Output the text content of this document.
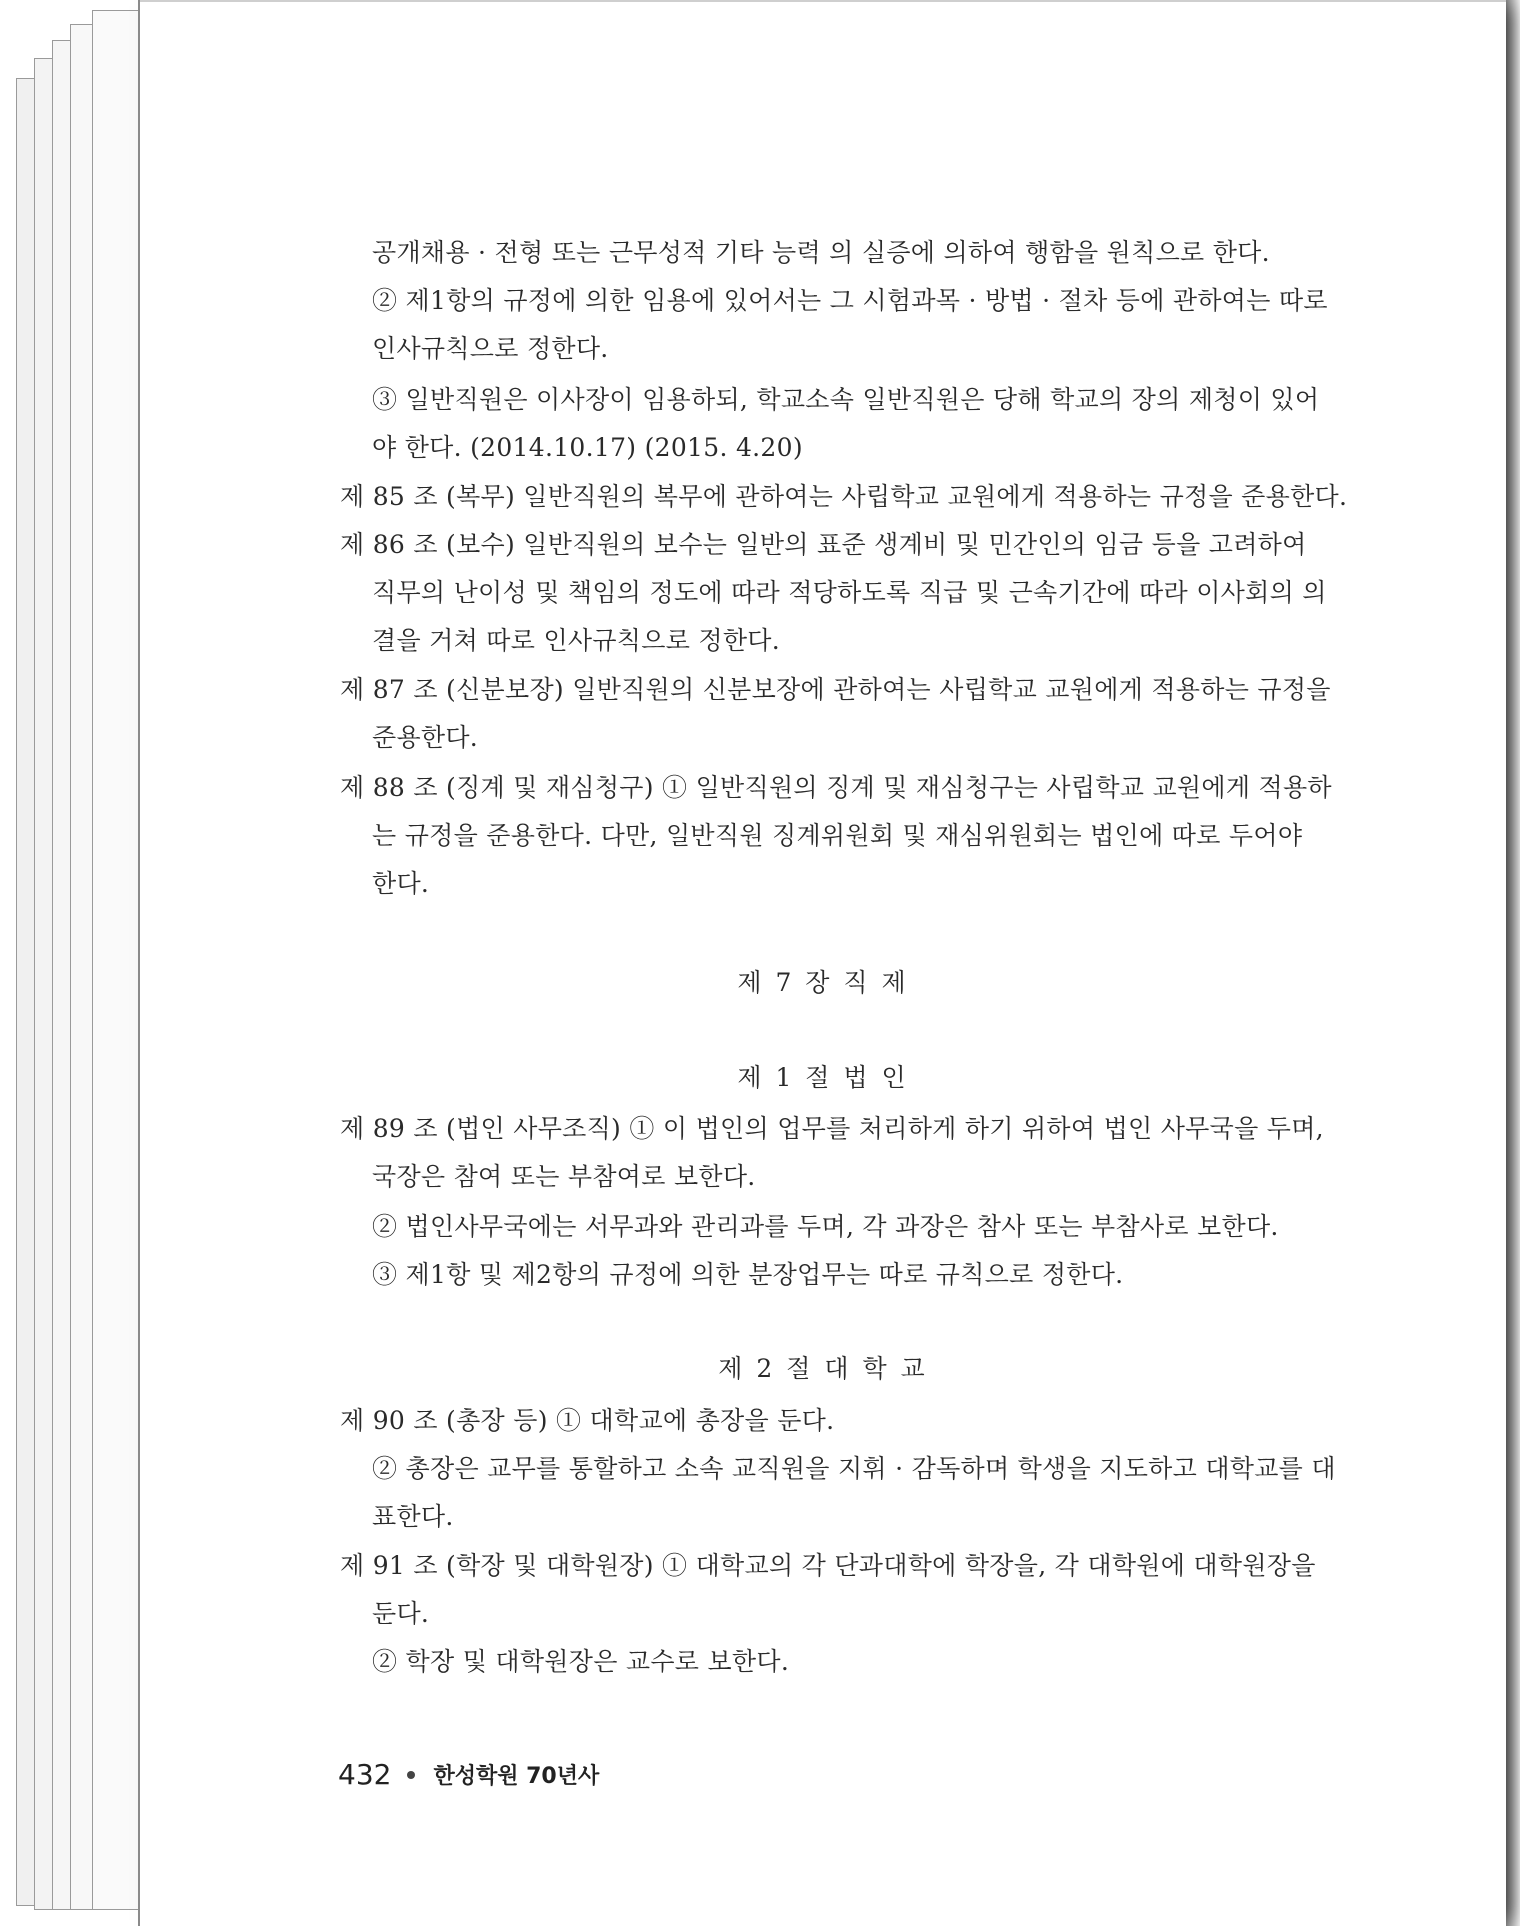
공개채용 · 전형 또는 근무성적 기타 능력 의 실증에 의하여 행함을 원칙으로 한다.
② 제1항의 규정에 의한 임용에 있어서는 그 시험과목 · 방법 · 절차 등에 관하여는 따로
인사규칙으로 정한다.
③ 일반직원은 이사장이 임용하되, 학교소속 일반직원은 당해 학교의 장의 제청이 있어
야 한다. (2014.10.17) (2015. 4.20)
제 85 조 (복무) 일반직원의 복무에 관하여는 사립학교 교원에게 적용하는 규정을 준용한다.
제 86 조 (보수) 일반직원의 보수는 일반의 표준 생계비 및 민간인의 임금 등을 고려하여
직무의 난이성 및 책임의 정도에 따라 적당하도록 직급 및 근속기간에 따라 이사회의 의
결을 거쳐 따로 인사규칙으로 정한다.
제 87 조 (신분보장) 일반직원의 신분보장에 관하여는 사립학교 교원에게 적용하는 규정을
준용한다.
제 88 조 (징계 및 재심청구) ① 일반직원의 징계 및 재심청구는 사립학교 교원에게 적용하
는 규정을 준용한다. 다만, 일반직원 징계위원회 및 재심위원회는 법인에 따로 두어야
한다.
제 7 장 직 제
제 1 절 법 인
제 89 조 (법인 사무조직) ① 이 법인의 업무를 처리하게 하기 위하여 법인 사무국을 두며,
국장은 참여 또는 부참여로 보한다.
② 법인사무국에는 서무과와 관리과를 두며, 각 과장은 참사 또는 부참사로 보한다.
③ 제1항 및 제2항의 규정에 의한 분장업무는 따로 규칙으로 정한다.
제 2 절 대 학 교
제 90 조 (총장 등) ① 대학교에 총장을 둔다.
② 총장은 교무를 통할하고 소속 교직원을 지휘 · 감독하며 학생을 지도하고 대학교를 대
표한다.
제 91 조 (학장 및 대학원장) ① 대학교의 각 단과대학에 학장을, 각 대학원에 대학원장을
둔다.
② 학장 및 대학원장은 교수로 보한다.
432 한성학원 70년사
